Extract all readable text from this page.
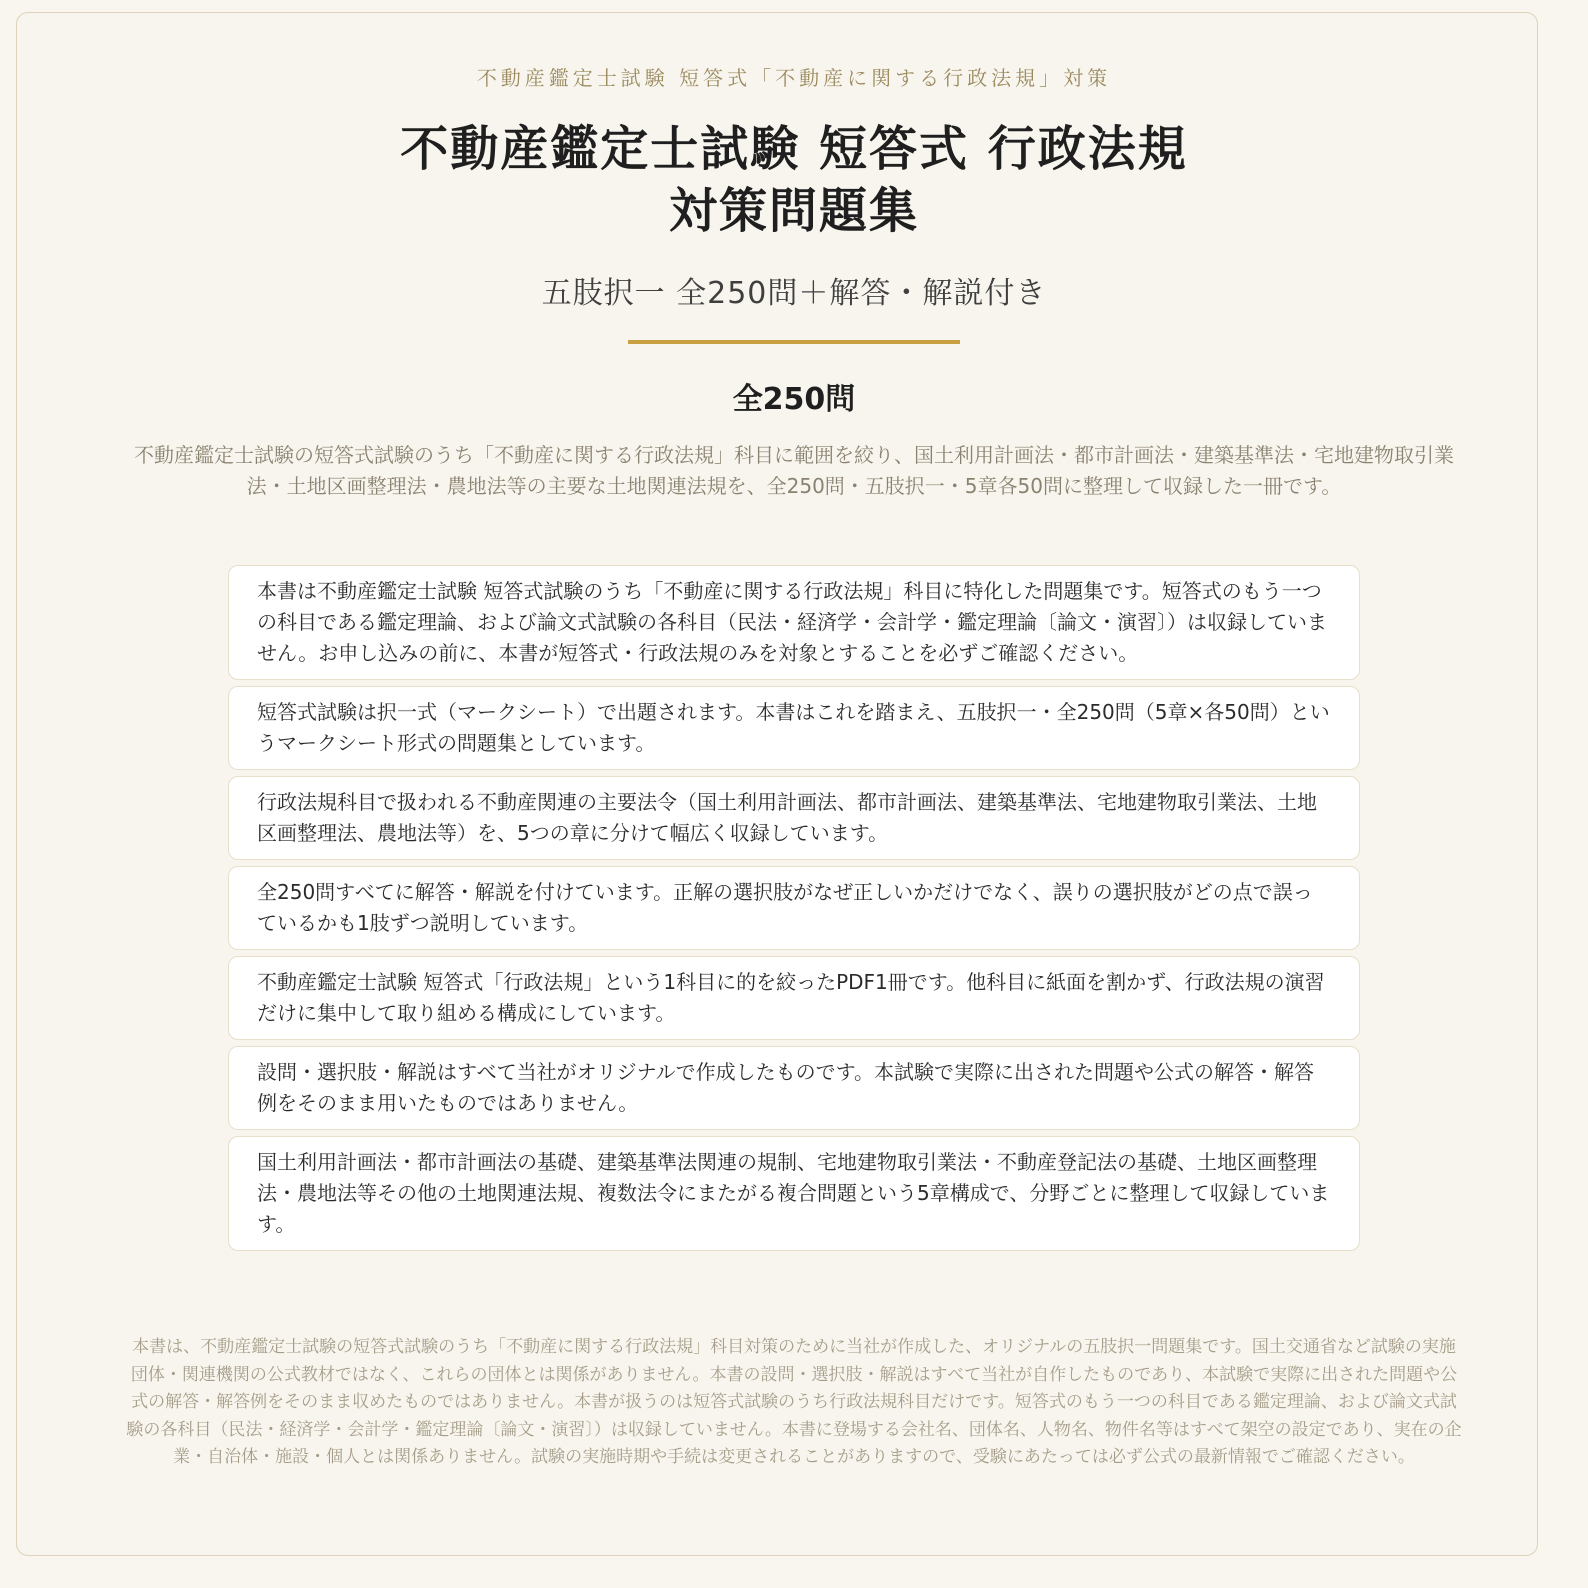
不動産鑑定士試験 短答式「不動産に関する行政法規」対策
不動産鑑定士試験 短答式 行政法規
対策問題集
五肢択一 全250問＋解答・解説付き
全250問
不動産鑑定士試験の短答式試験のうち「不動産に関する行政法規」科目に範囲を絞り、国土利用計画法・都市計画法・建築基準法・宅地建物取引業法・土地区画整理法・農地法等の主要な土地関連法規を、全250問・五肢択一・5章各50問に整理して収録した一冊です。
本書は不動産鑑定士試験 短答式試験のうち「不動産に関する行政法規」科目に特化した問題集です。短答式のもう一つの科目である鑑定理論、および論文式試験の各科目（民法・経済学・会計学・鑑定理論〔論文・演習〕）は収録していません。お申し込みの前に、本書が短答式・行政法規のみを対象とすることを必ずご確認ください。
短答式試験は択一式（マークシート）で出題されます。本書はこれを踏まえ、五肢択一・全250問（5章×各50問）というマークシート形式の問題集としています。
行政法規科目で扱われる不動産関連の主要法令（国土利用計画法、都市計画法、建築基準法、宅地建物取引業法、土地区画整理法、農地法等）を、5つの章に分けて幅広く収録しています。
全250問すべてに解答・解説を付けています。正解の選択肢がなぜ正しいかだけでなく、誤りの選択肢がどの点で誤っているかも1肢ずつ説明しています。
不動産鑑定士試験 短答式「行政法規」という1科目に的を絞ったPDF1冊です。他科目に紙面を割かず、行政法規の演習だけに集中して取り組める構成にしています。
設問・選択肢・解説はすべて当社がオリジナルで作成したものです。本試験で実際に出された問題や公式の解答・解答例をそのまま用いたものではありません。
国土利用計画法・都市計画法の基礎、建築基準法関連の規制、宅地建物取引業法・不動産登記法の基礎、土地区画整理法・農地法等その他の土地関連法規、複数法令にまたがる複合問題という5章構成で、分野ごとに整理して収録しています。
本書は、不動産鑑定士試験の短答式試験のうち「不動産に関する行政法規」科目対策のために当社が作成した、オリジナルの五肢択一問題集です。国土交通省など試験の実施団体・関連機関の公式教材ではなく、これらの団体とは関係がありません。本書の設問・選択肢・解説はすべて当社が自作したものであり、本試験で実際に出された問題や公式の解答・解答例をそのまま収めたものではありません。本書が扱うのは短答式試験のうち行政法規科目だけです。短答式のもう一つの科目である鑑定理論、および論文式試験の各科目（民法・経済学・会計学・鑑定理論〔論文・演習〕）は収録していません。本書に登場する会社名、団体名、人物名、物件名等はすべて架空の設定であり、実在の企業・自治体・施設・個人とは関係ありません。試験の実施時期や手続は変更されることがありますので、受験にあたっては必ず公式の最新情報でご確認ください。
